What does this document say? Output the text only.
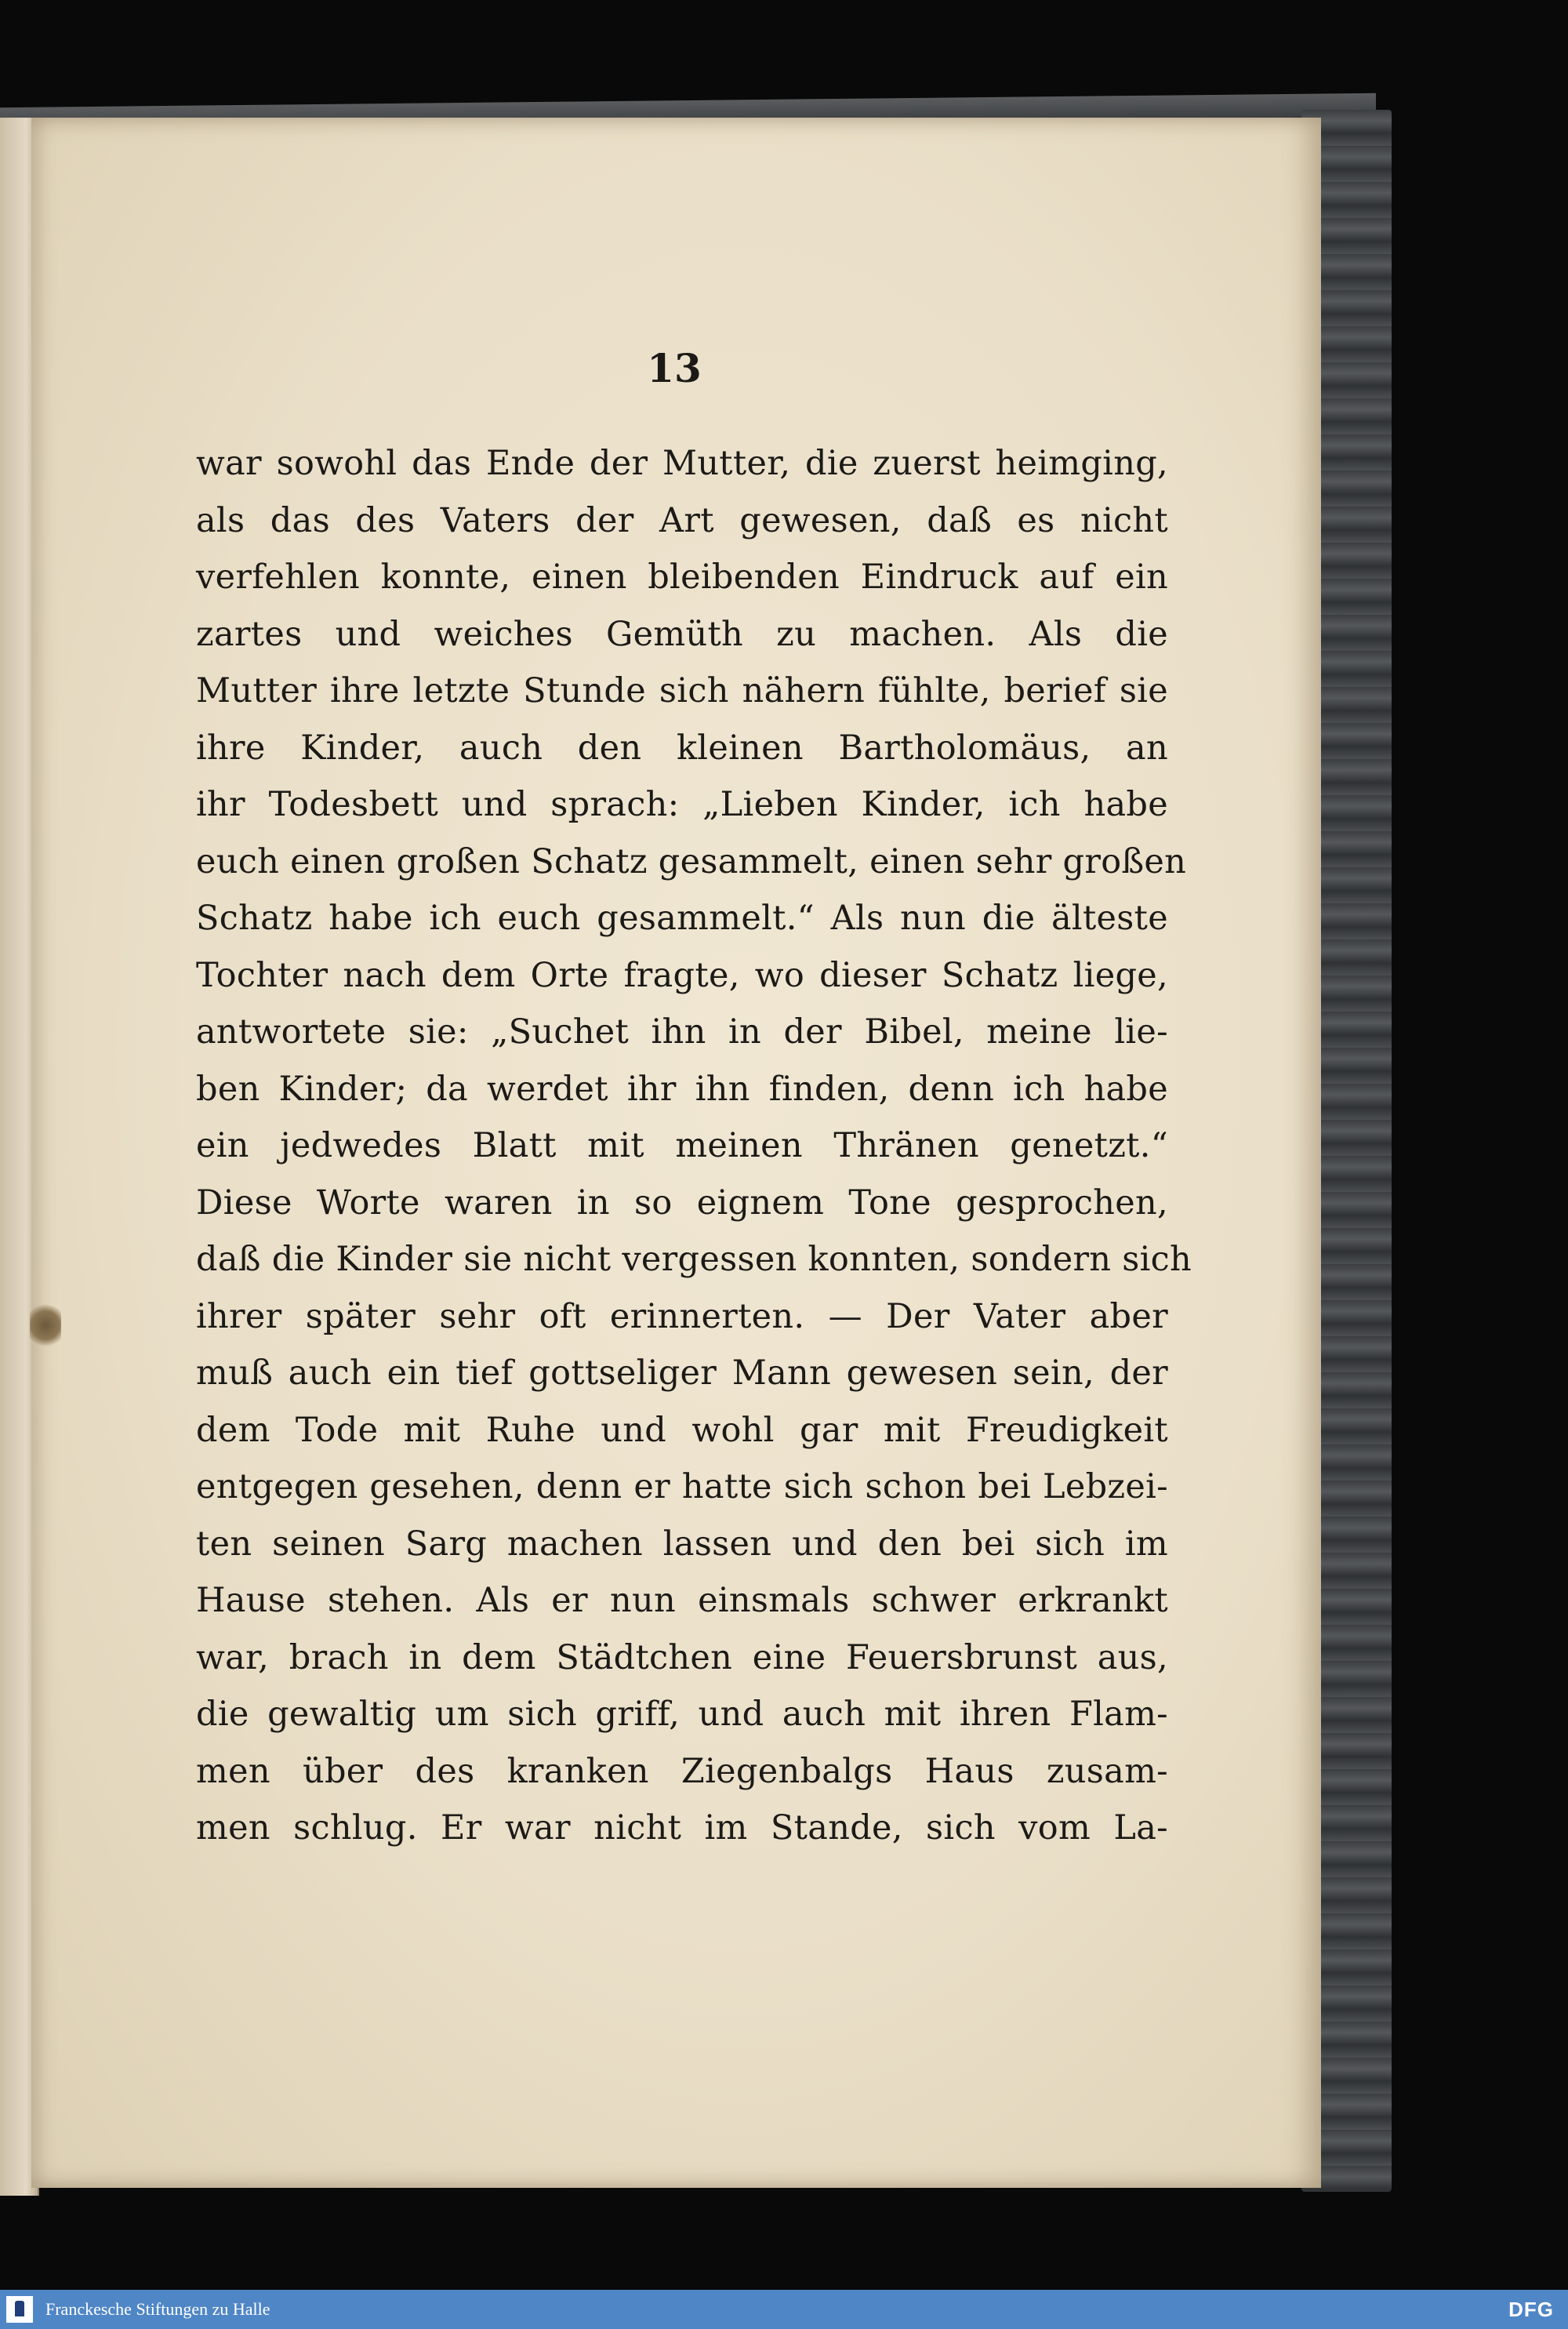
13
war sowohl das Ende der Mutter, die zuerst heimging,
als das des Vaters der Art gewesen, daß es nicht
verfehlen konnte, einen bleibenden Eindruck auf ein
zartes und weiches Gemüth zu machen. Als die
Mutter ihre letzte Stunde sich nähern fühlte, berief sie
ihre Kinder, auch den kleinen Bartholomäus, an
ihr Todesbett und sprach: „Lieben Kinder, ich habe
euch einen großen Schatz gesammelt, einen sehr großen
Schatz habe ich euch gesammelt.“ Als nun die älteste
Tochter nach dem Orte fragte, wo dieser Schatz liege,
antwortete sie: „Suchet ihn in der Bibel, meine lie-
ben Kinder; da werdet ihr ihn finden, denn ich habe
ein jedwedes Blatt mit meinen Thränen genetzt.“
Diese Worte waren in so eignem Tone gesprochen,
daß die Kinder sie nicht vergessen konnten, sondern sich
ihrer später sehr oft erinnerten. — Der Vater aber
muß auch ein tief gottseliger Mann gewesen sein, der
dem Tode mit Ruhe und wohl gar mit Freudigkeit
entgegen gesehen, denn er hatte sich schon bei Lebzei-
ten seinen Sarg machen lassen und den bei sich im
Hause stehen. Als er nun einsmals schwer erkrankt
war, brach in dem Städtchen eine Feuersbrunst aus,
die gewaltig um sich griff, und auch mit ihren Flam-
men über des kranken Ziegenbalgs Haus zusam-
men schlug. Er war nicht im Stande, sich vom La-
Franckesche Stiftungen zu Halle	DFG
